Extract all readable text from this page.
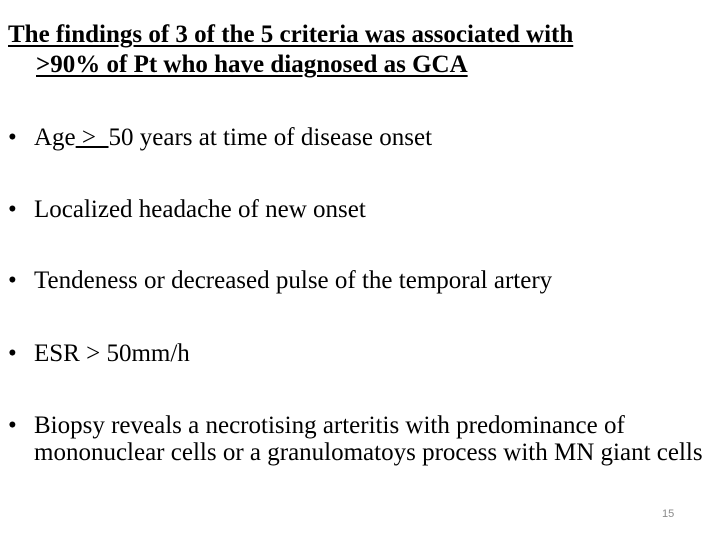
The findings of 3 of the 5 criteria was associated with
>90% of Pt who have diagnosed as GCA
• Age >  50 years at time of disease onset
• Localized headache of new onset
• Tendeness or decreased pulse of the temporal artery
• ESR > 50mm/h
• Biopsy reveals a necrotising arteritis with predominance of mononuclear cells or a granulomatoys process with MN giant cells
15
